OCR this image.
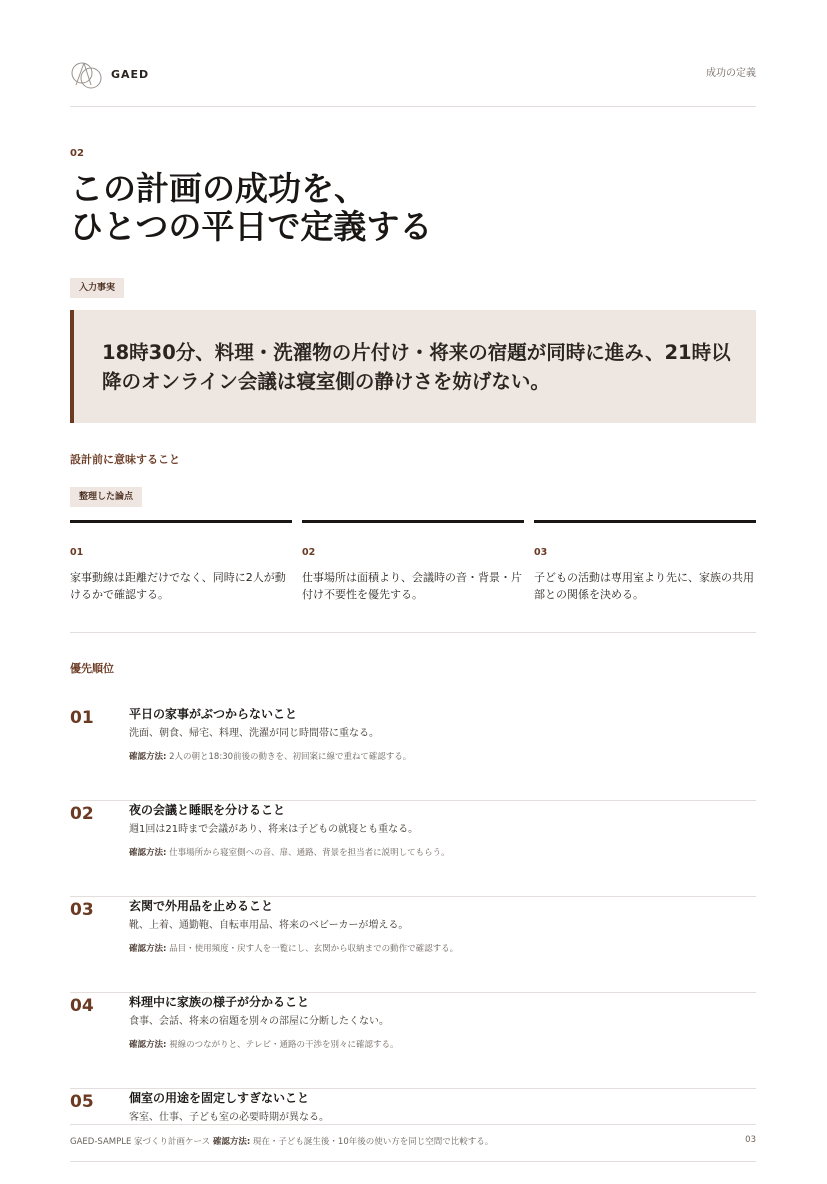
GAED	成功の定義
02
この計画の成功を、
ひとつの平日で定義する
入力事実

18時30分、料理・洗濯物の片付け・将来の宿題が同時に進み、21時以降のオンライン会議は寝室側の静けさを妨げない。

設計前に意味すること
整理した論点
01
家事動線は距離だけでなく、同時に2人が動けるかで確認する。
02
仕事場所は面積より、会議時の音・背景・片付け不要性を優先する。
03
子どもの活動は専用室より先に、家族の共用部との関係を決める。
優先順位
01	平日の家事がぶつからないこと
洗面、朝食、帰宅、料理、洗濯が同じ時間帯に重なる。
確認方法: 2人の朝と18:30前後の動きを、初回案に線で重ねて確認する。
02	夜の会議と睡眠を分けること
週1回は21時まで会議があり、将来は子どもの就寝とも重なる。
確認方法: 仕事場所から寝室側への音、扉、通路、背景を担当者に説明してもらう。
03	玄関で外用品を止めること
靴、上着、通勤鞄、自転車用品、将来のベビーカーが増える。
確認方法: 品目・使用頻度・戻す人を一覧にし、玄関から収納までの動作で確認する。
04	料理中に家族の様子が分かること
食事、会話、将来の宿題を別々の部屋に分断したくない。
確認方法: 視線のつながりと、テレビ・通路の干渉を別々に確認する。
05	個室の用途を固定しすぎないこと
客室、仕事、子ども室の必要時期が異なる。
GAED-SAMPLE 家づくり計画ケース 確認方法: 現在・子ども誕生後・10年後の使い方を同じ空間で比較する。	03
